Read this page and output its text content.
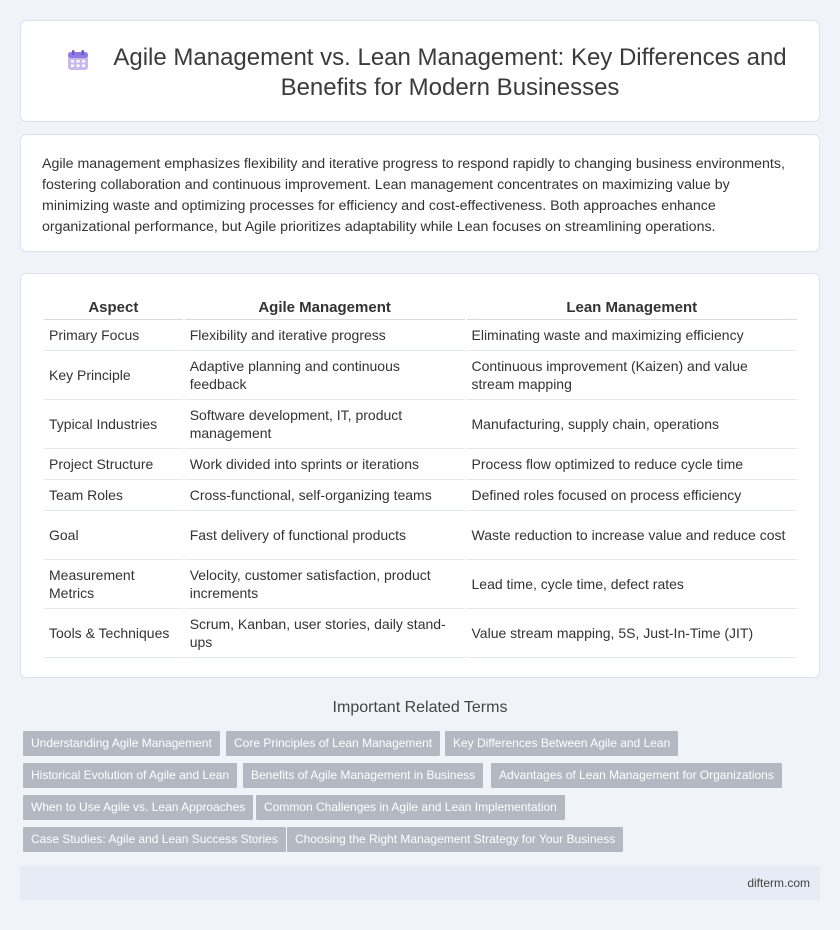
Agile Management vs. Lean Management: Key Differences and Benefits for Modern Businesses

Agile management emphasizes flexibility and iterative progress to respond rapidly to changing business environments, fostering collaboration and continuous improvement. Lean management concentrates on maximizing value by minimizing waste and optimizing processes for efficiency and cost-effectiveness. Both approaches enhance organizational performance, but Agile prioritizes adaptability while Lean focuses on streamlining operations.

Aspect	Agile Management	Lean Management
Primary Focus	Flexibility and iterative progress	Eliminating waste and maximizing efficiency
Key Principle	Adaptive planning and continuous feedback	Continuous improvement (Kaizen) and value stream mapping
Typical Industries	Software development, IT, product management	Manufacturing, supply chain, operations
Project Structure	Work divided into sprints or iterations	Process flow optimized to reduce cycle time
Team Roles	Cross-functional, self-organizing teams	Defined roles focused on process efficiency
Goal	Fast delivery of functional products	Waste reduction to increase value and reduce cost
Measurement Metrics	Velocity, customer satisfaction, product increments	Lead time, cycle time, defect rates
Tools & Techniques	Scrum, Kanban, user stories, daily stand-ups	Value stream mapping, 5S, Just-In-Time (JIT)
Important Related Terms
Understanding Agile Management	Core Principles of Lean Management	Key Differences Between Agile and Lean
Historical Evolution of Agile and Lean	Benefits of Agile Management in Business	Advantages of Lean Management for Organizations
When to Use Agile vs. Lean Approaches	Common Challenges in Agile and Lean Implementation
Case Studies: Agile and Lean Success Stories	Choosing the Right Management Strategy for Your Business
difterm.com
